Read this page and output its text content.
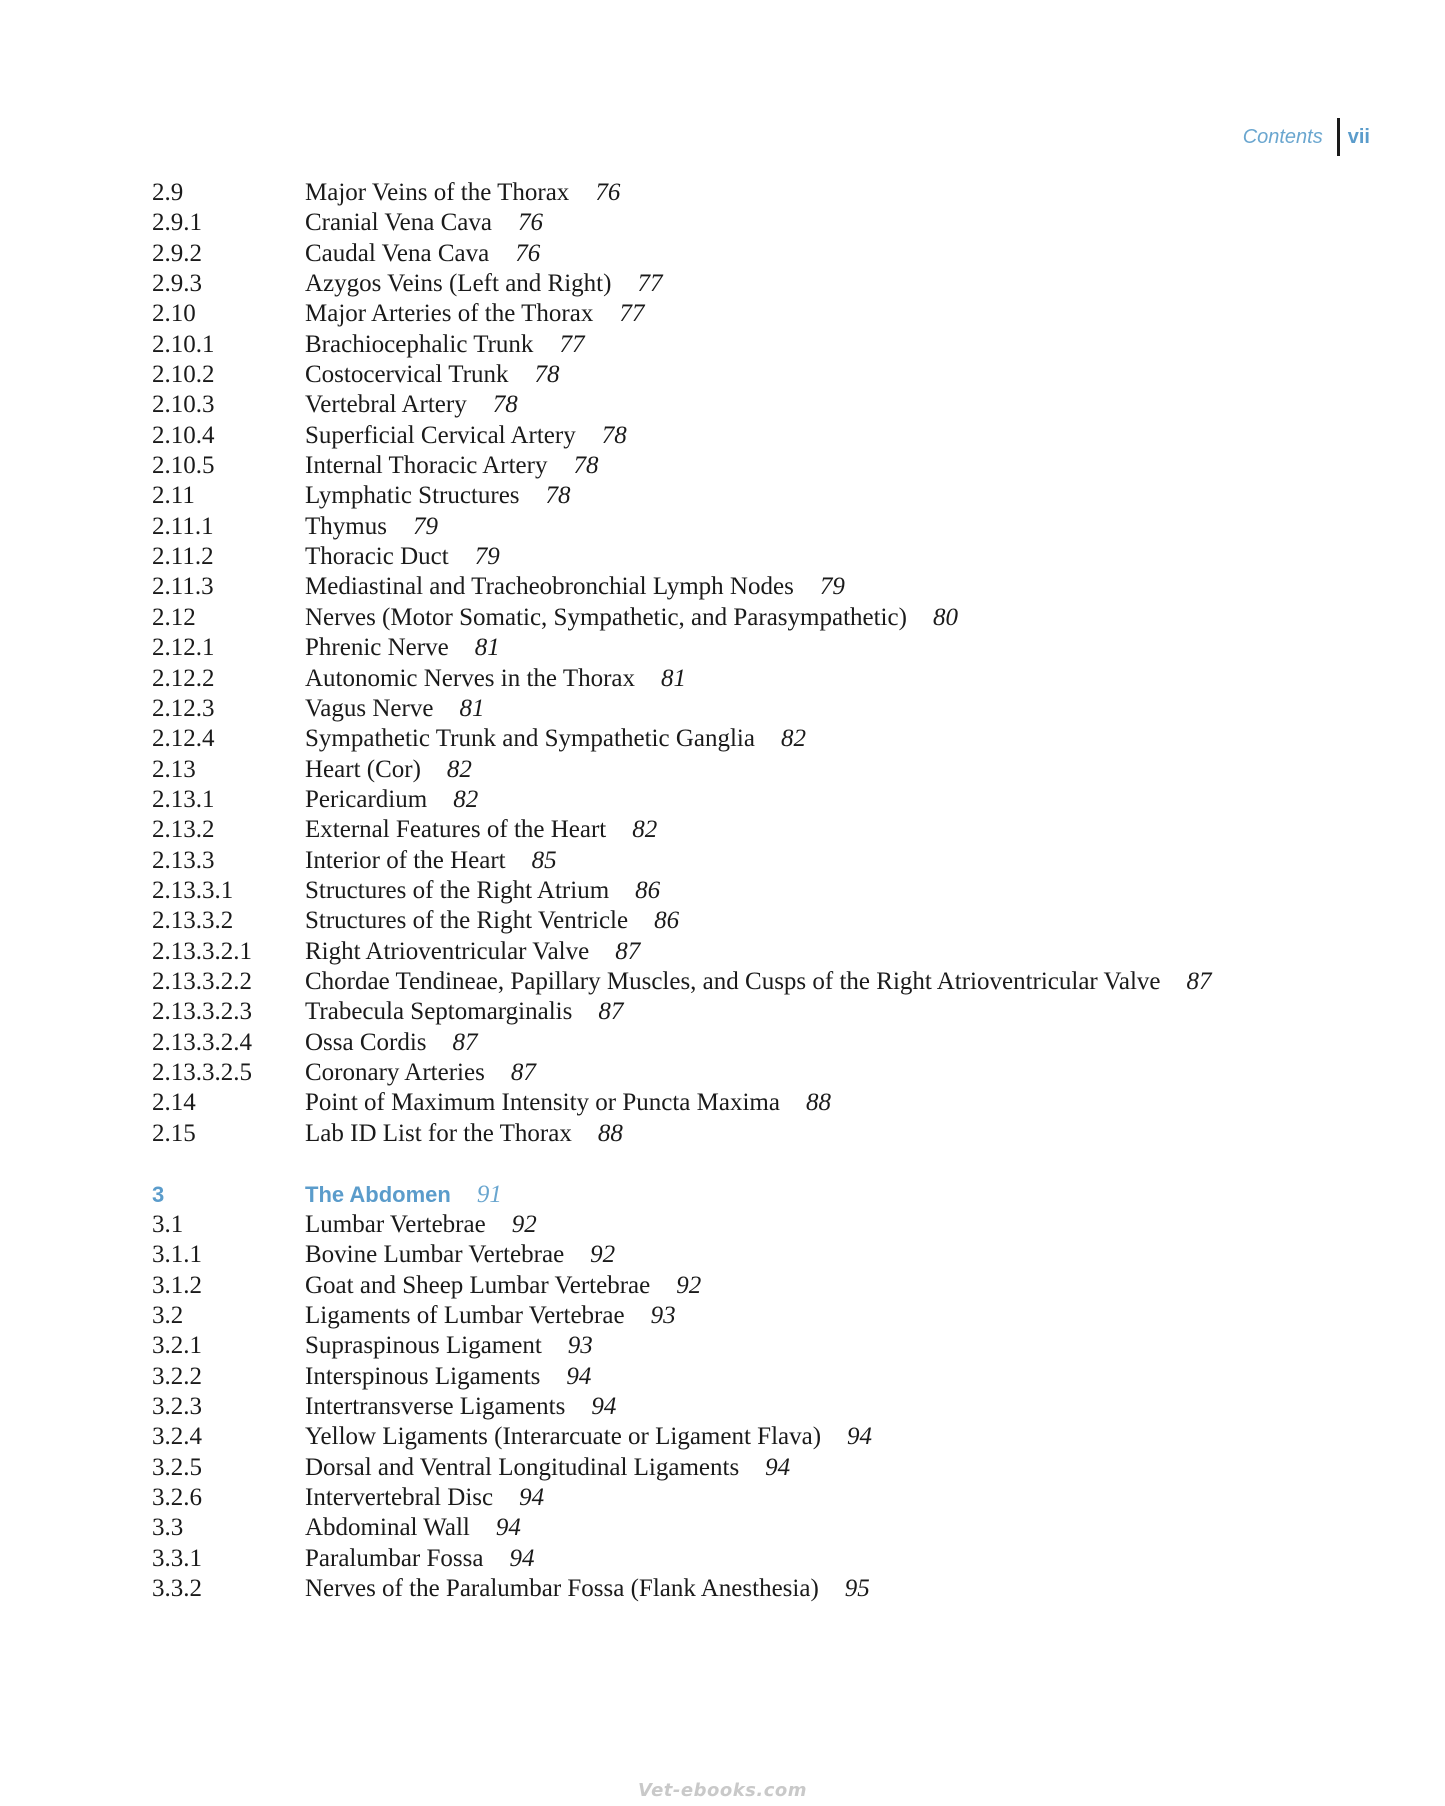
Contents	vii
2.9	Major Veins of the Thorax 76
2.9.1	Cranial Vena Cava 76
2.9.2	Caudal Vena Cava 76
2.9.3	Azygos Veins (Left and Right) 77
2.10	Major Arteries of the Thorax 77
2.10.1	Brachiocephalic Trunk 77
2.10.2	Costocervical Trunk 78
2.10.3	Vertebral Artery 78
2.10.4	Superficial Cervical Artery 78
2.10.5	Internal Thoracic Artery 78
2.11	Lymphatic Structures 78
2.11.1	Thymus 79
2.11.2	Thoracic Duct 79
2.11.3	Mediastinal and Tracheobronchial Lymph Nodes 79
2.12	Nerves (Motor Somatic, Sympathetic, and Parasympathetic) 80
2.12.1	Phrenic Nerve 81
2.12.2	Autonomic Nerves in the Thorax 81
2.12.3	Vagus Nerve 81
2.12.4	Sympathetic Trunk and Sympathetic Ganglia 82
2.13	Heart (Cor) 82
2.13.1	Pericardium 82
2.13.2	External Features of the Heart 82
2.13.3	Interior of the Heart 85
2.13.3.1	Structures of the Right Atrium 86
2.13.3.2	Structures of the Right Ventricle 86
2.13.3.2.1	Right Atrioventricular Valve 87
2.13.3.2.2	Chordae Tendineae, Papillary Muscles, and Cusps of the Right Atrioventricular Valve 87
2.13.3.2.3	Trabecula Septomarginalis 87
2.13.3.2.4	Ossa Cordis 87
2.13.3.2.5	Coronary Arteries 87
2.14	Point of Maximum Intensity or Puncta Maxima 88
2.15	Lab ID List for the Thorax 88
3	The Abdomen 91
3.1	Lumbar Vertebrae 92
3.1.1	Bovine Lumbar Vertebrae 92
3.1.2	Goat and Sheep Lumbar Vertebrae 92
3.2	Ligaments of Lumbar Vertebrae 93
3.2.1	Supraspinous Ligament 93
3.2.2	Interspinous Ligaments 94
3.2.3	Intertransverse Ligaments 94
3.2.4	Yellow Ligaments (Interarcuate or Ligament Flava) 94
3.2.5	Dorsal and Ventral Longitudinal Ligaments 94
3.2.6	Intervertebral Disc 94
3.3	Abdominal Wall 94
3.3.1	Paralumbar Fossa 94
3.3.2	Nerves of the Paralumbar Fossa (Flank Anesthesia) 95
Vet-ebooks.com
